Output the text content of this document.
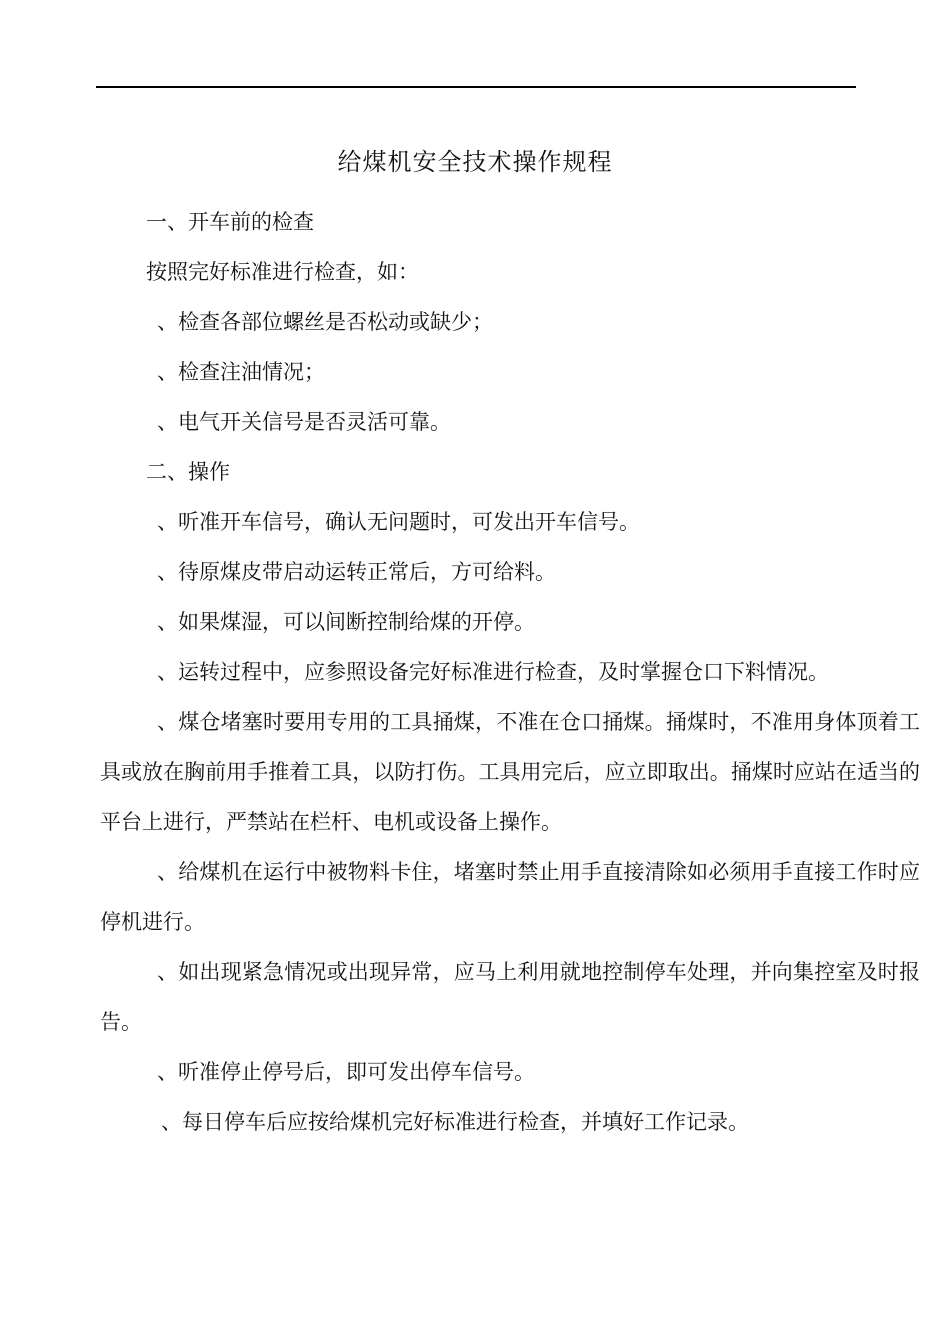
给煤机安全技术操作规程
一、开车前的检查
按照完好标准进行检查，如：
、检查各部位螺丝是否松动或缺少；
、检查注油情况；
、电气开关信号是否灵活可靠。
二、操作
、听准开车信号，确认无问题时，可发出开车信号。
、待原煤皮带启动运转正常后，方可给料。
、如果煤湿，可以间断控制给煤的开停。
、运转过程中，应参照设备完好标准进行检查，及时掌握仓口下料情况。

、煤仓堵塞时要用专用的工具捅煤，不准在仓口捅煤。捅煤时，不准用身体顶着工具或放在胸前用手推着工具，以防打伤。工具用完后，应立即取出。捅煤时应站在适当的平台上进行，严禁站在栏杆、电机或设备上操作。

、给煤机在运行中被物料卡住，堵塞时禁止用手直接清除如必须用手直接工作时应停机进行。

、如出现紧急情况或出现异常，应马上利用就地控制停车处理，并向集控室及时报告。

、听准停止停号后，即可发出停车信号。
、每日停车后应按给煤机完好标准进行检查，并填好工作记录。
